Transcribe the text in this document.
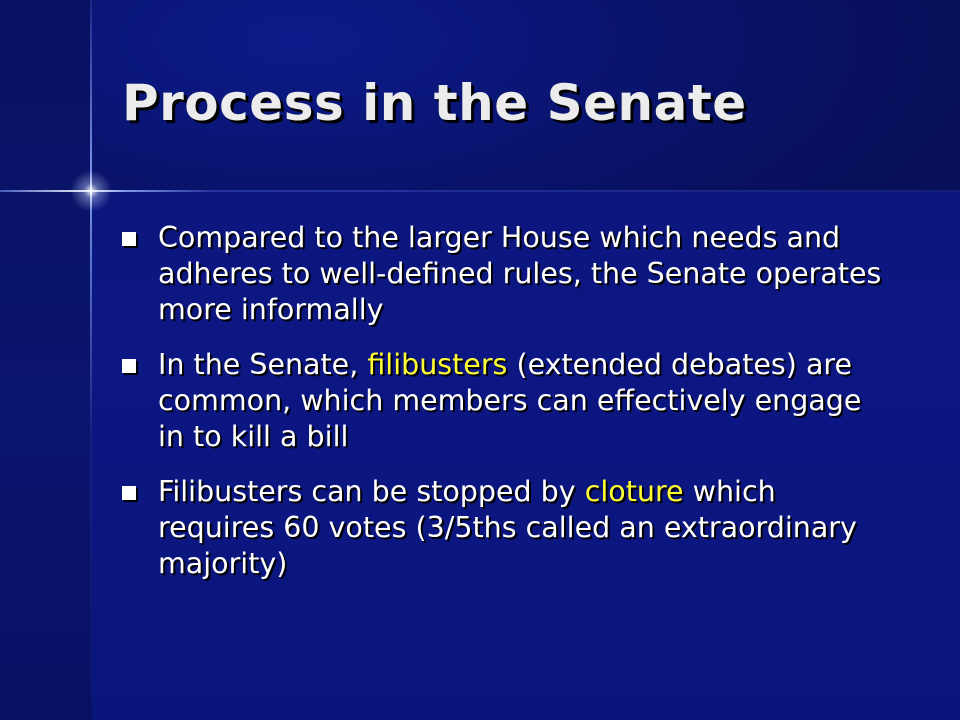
Process in the Senate
Compared to the larger House which needs and adheres to well-defined rules, the Senate operates more informally
In the Senate, filibusters (extended debates) are common, which members can effectively engage in to kill a bill
Filibusters can be stopped by cloture which requires 60 votes (3/5ths called an extraordinary majority)
